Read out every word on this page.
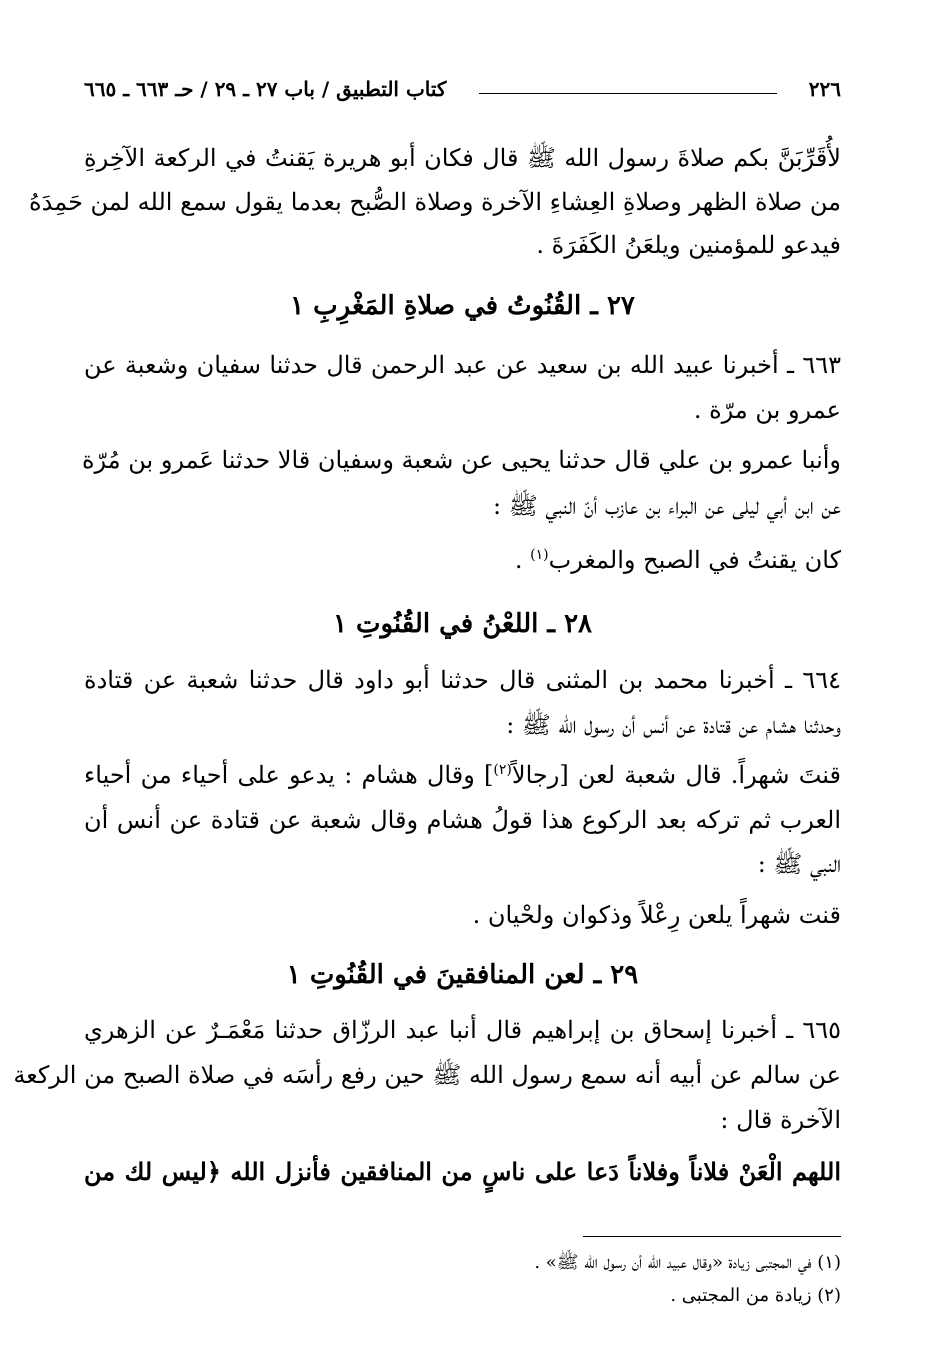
٢٢٦
كتاب التطبيق / باب ٢٧ ـ ٢٩ / حـ ٦٦٣ ـ ٦٦٥
لأُقَرِّبَنَّ بكم صلاةَ رسول الله ﷺ قال فكان أبو هريرة يَقنتُ في الركعة الآخِرةِ
من صلاة الظهر وصلاةِ العِشاءِ الآخرة وصلاة الصُّبح بعدما يقول سمع الله لمن حَمِدَهُ
فيدعو للمؤمنين ويلعَنُ الكَفَرَةَ .
٢٧ ـ القُنُوتُ في صلاةِ المَغْرِبِ ١
٦٦٣ ـ أخبرنا عبيد الله بن سعيد عن عبد الرحمن قال حدثنا سفيان وشعبة عن
عمرو بن مرّة .
وأنبا عمرو بن علي قال حدثنا يحيى عن شعبة وسفيان قالا حدثنا عَمرو بن مُرّة
عن ابن أبي ليلى عن البراء بن عازب أنّ النبي ﷺ :
كان يقنتُ في الصبح والمغرب$^{(١)}$ .
٢٨ ـ اللعْنُ في القُنُوتِ ١
٦٦٤ ـ أخبرنا محمد بن المثنى قال حدثنا أبو داود قال حدثنا شعبة عن قتادة
وحدثنا هشام عن قتادة عن أنس أن رسول الله ﷺ :
قنتَ شهراً. قال شعبة لعن [رجالاً$^{(٢)}$] وقال هشام : يدعو على أحياء من أحياء
العرب ثم تركه بعد الركوع هذا قولُ هشام وقال شعبة عن قتادة عن أنس أن
النبي ﷺ :
قنت شهراً يلعن رِعْلاً وذكوان ولحْيان .
٢٩ ـ لعن المنافقينَ في القُنُوتِ ١
٦٦٥ ـ أخبرنا إسحاق بن إبراهيم قال أنبا عبد الرزّاق حدثنا مَعْمَـرٌ عن الزهري
عن سالم عن أبيه أنه سمع رسول الله ﷺ حين رفع رأسَه في صلاة الصبح من الركعة
الآخرة قال :
اللهم الْعَنْ فلاناً وفلاناً دَعا على ناسٍ من المنافقين فأنزل الله ﴿ليس لك من
(١) في المجتبى زيادة «وقال عبيد الله أن رسول الله ﷺ» .
(٢) زيادة من المجتبى .
